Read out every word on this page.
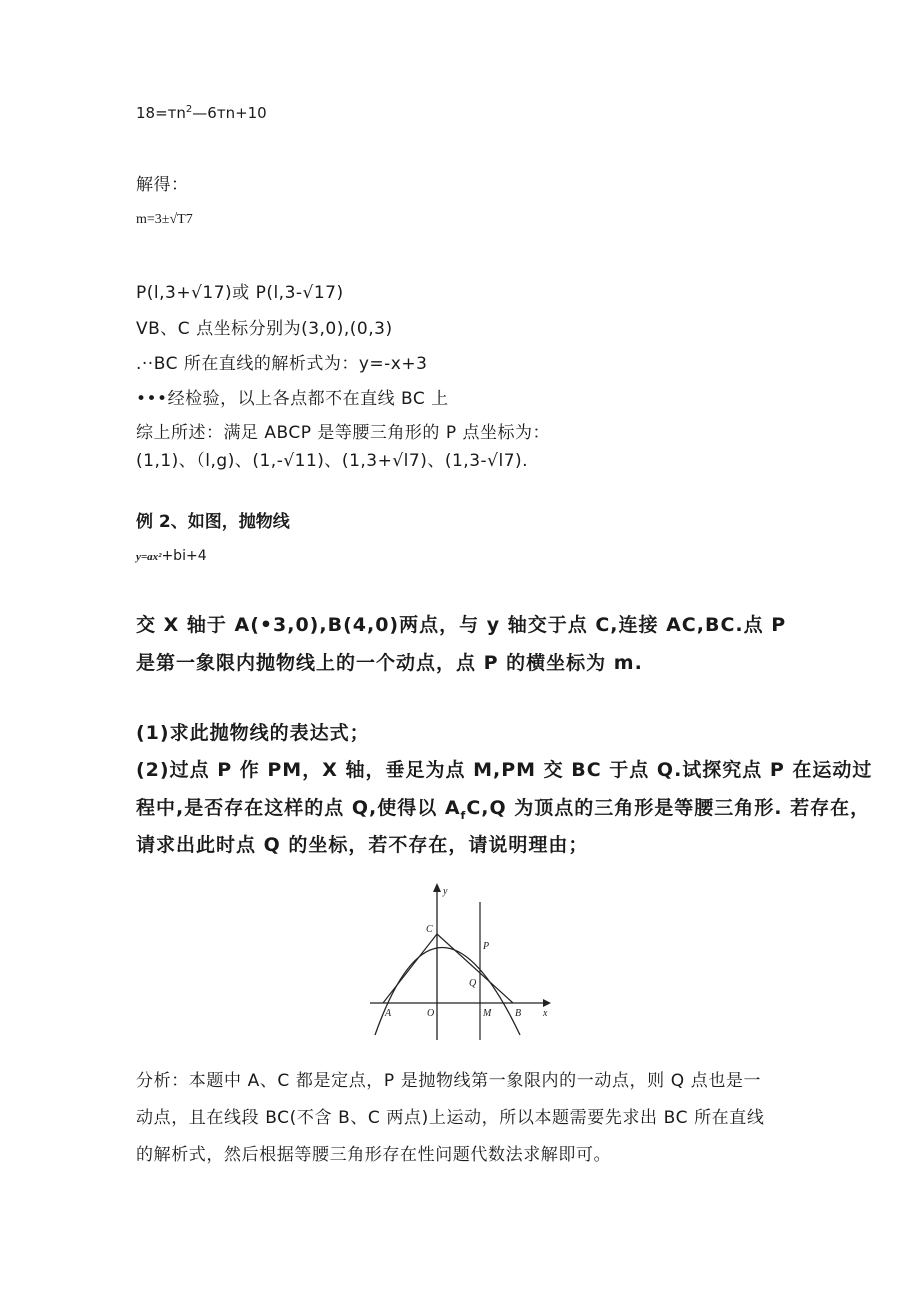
$18=тn^2—6тn+10$
解得：
m=3±√T7
P(l,3+√17)或 P(l,3-√17)
VB、C 点坐标分别为(3,0),(0,3)
.··BC 所在直线的解析式为：y=-x+3
•••经检验，以上各点都不在直线 BC 上
综上所述：满足 ABCP 是等腰三角形的 P 点坐标为：
(1,1)、（l,g)、(1,-√11)、(1,3+√l7)、(1,3-√l7).
例 2、如图，抛物线
y=ax²+bi+4
交 X 轴于 A(•3,0),B(4,0)两点，与 y 轴交于点 C,连接 AC,BC.点 P
是第一象限内抛物线上的一个动点，点 P 的横坐标为 m.
(1)求此抛物线的表达式；
(2)过点 P 作 PM，X 轴，垂足为点 M,PM 交 BC 于点 Q.试探究点 P 在运动过
程中,是否存在这样的点 Q,使得以 $A_fC,Q$ 为顶点的三角形是等腰三角形. 若存在，
请求出此时点 Q 的坐标，若不存在，请说明理由；
y
x
C
P
Q
A	O	M B
分析：本题中 A、C 都是定点，P 是抛物线第一象限内的一动点，则 Q 点也是一
动点，且在线段 BC(不含 B、C 两点)上运动，所以本题需要先求出 BC 所在直线
的解析式，然后根据等腰三角形存在性问题代数法求解即可。
